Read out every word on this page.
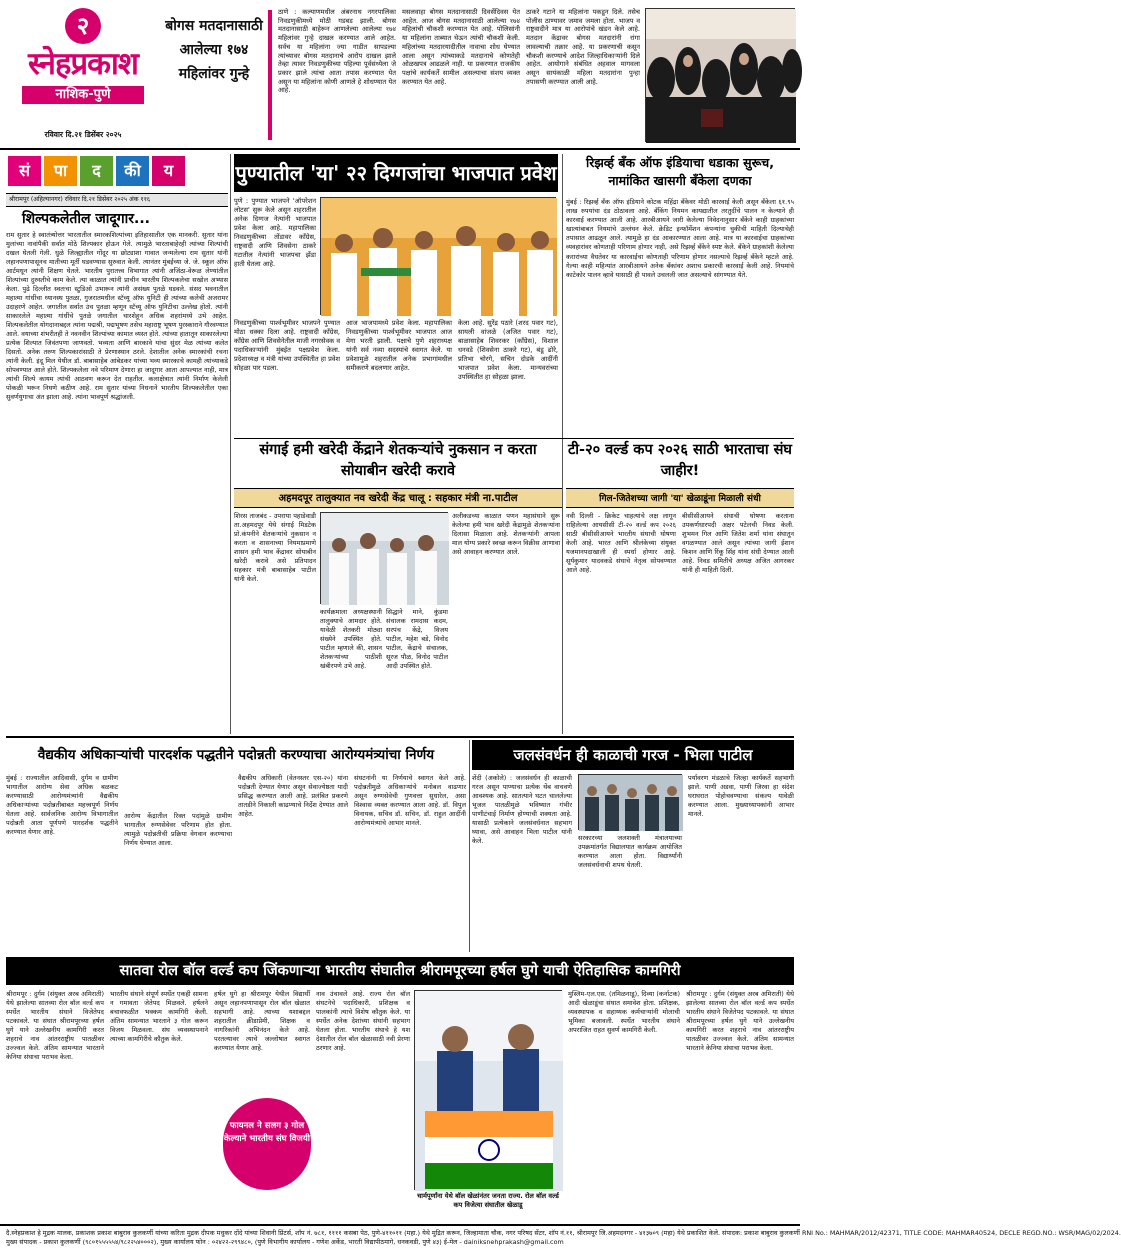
२
स्नेहप्रकाश
नाशिक-पुणे
रविवार दि.२१ डिसेंबर २०२५
बोगस मतदानासाठी आलेल्या १७४ महिलांवर गुन्हे
ठाणे : कल्याणमधील अंबरनाथ नगरपालिका निवडणुकीमध्ये मोठी गडबड झाली. बोगस मतदानासाठी बाहेरून आणलेल्या आलेल्या १७४ महिलांवर गुन्हे दाखल करण्यात आले आहेत. सर्वच या महिलांना ज्या गाडीत सापडल्या त्यांच्यावर बोगस मतदानाचे आरोप दाखल झाले तेव्हा त्यावर निवडणुकीच्या पहिल्या पूर्वसंध्येला जे प्रकार झाले त्यांचा आता तपास करण्यात येत असून या महिलांना कोणी आणले हे शोधण्यात येत आहे.
मसलवाहा बोगस मतदानासाठी दिवसेंदिवस येत आहेत. आज बोगस मतदानासाठी आलेल्या १७४ महिलांची चौकशी करण्यात येत आहे. पोलिसांनी या महिलांना ताब्यात घेऊन त्यांची चौकशी केली. महिलांच्या मतदारयादीतील नावाचा शोध घेण्यात आला असून त्यांच्याकडे मतदानाचे कोणतेही ओळखपत्र आढळले नाही. या प्रकरणात राजकीय पक्षांचे कार्यकर्ते सामील असल्याचा संशय व्यक्त करण्यात येत आहे.
ठाकरे गटाने या महिलांना पकडून दिले. तसेच पोलीस ठाण्यावर जमाव जमला होता. भाजप व राष्ट्रवादीने मात्र या आरोपांचे खंडन केले आहे. मतदान केंद्रावर बोगस मतदारांनी रांगा लावल्याची तक्रार आहे. या प्रकरणाची कसून चौकशी करण्याचे आदेश जिल्हाधिकाऱ्यांनी दिले आहेत. आयोगाने संबंधित अहवाल मागवला असून सायंकाळी महिला मतदारांना पुन्हा तपासणी करण्यात आली आहे.
सं	पा	द	की	य
श्रीरामपूर (अहिल्यानगर) रविवार दि.२१ डिसेंबर २०२५ अंक ११६
शिल्पकलेतील जादूगार...
राम सुतार हे स्वातंत्र्योत्तर भारतातील स्मारकशिल्पांच्या इतिहासातील एक मानकरी. सुतार यांना मुलांच्या नावांपैकी सर्वात मोठे शिल्पकार होऊन गेले. त्यामुळे भारताबाहेरही त्यांच्या शिल्पांची दखल घेतली गेली. धुळे जिल्ह्यातील गोंदूर या छोट्याशा गावात जन्मलेल्या राम सुतार यांनी लहानपणापासूनच मातीच्या मूर्ती घडवण्यास सुरुवात केली. त्यानंतर मुंबईच्या जे. जे. स्कूल ऑफ आर्टमधून त्यांनी शिक्षण घेतले. भारतीय पुरातत्त्व विभागात त्यांनी अजिंठा-वेरूळ लेण्यांतील शिल्पांच्या दुरुस्तीचे काम केले. त्या काळात त्यांनी प्राचीन भारतीय शिल्पकलेचा सखोल अभ्यास केला. पुढे दिल्लीत स्वतःचा स्टुडिओ उभारून त्यांनी असंख्य पुतळे घडवले. संसद भवनातील महात्मा गांधींचा ध्यानस्थ पुतळा, गुजरातमधील स्टॅच्यू ऑफ युनिटी ही त्यांच्या कलेची अजरामर उदाहरणे आहेत. जगातील सर्वात उंच पुतळा म्हणून स्टॅच्यू ऑफ युनिटीचा उल्लेख होतो. त्यांनी साकारलेले महात्मा गांधींचे पुतळे जगातील चारशेहून अधिक शहरांमध्ये उभे आहेत. शिल्पकलेतील योगदानाबद्दल त्यांना पद्मश्री, पद्मभूषण तसेच महाराष्ट्र भूषण पुरस्काराने गौरवण्यात आले. वयाच्या शंभरीतही ते नवनवीन शिल्पांच्या कामात व्यस्त होते. त्यांच्या हातातून साकारलेल्या प्रत्येक शिल्पात जिवंतपणा जाणवतो. भव्यता आणि बारकावे यांचा सुंदर मेळ त्यांच्या कलेत दिसतो. अनेक तरुण शिल्पकारांसाठी ते प्रेरणास्थान ठरले. देशातील अनेक स्मारकांची रचना त्यांनी केली. इंदू मिल येथील डॉ. बाबासाहेब आंबेडकर यांच्या भव्य स्मारकाचे कामही त्यांच्याकडे सोपवण्यात आले होते. शिल्पकलेला नवे परिमाण देणारा हा जादूगार आता आपल्यात नाही, मात्र त्यांची शिल्पे कायम त्यांची आठवण करून देत राहतील. कलाक्षेत्रात त्यांनी निर्माण केलेली पोकळी भरून निघणे कठीण आहे. राम सुतार यांच्या निधनाने भारतीय शिल्पकलेतील एका सुवर्णयुगाचा अंत झाला आहे. त्यांना भावपूर्ण श्रद्धांजली.
पुण्यातील 'या' २२ दिग्गजांचा भाजपात प्रवेश
पुणे : पुण्यात भाजपने 'ऑपरेशन लोटस' सुरू केले असून शहरातील अनेक दिग्गज नेत्यांनी भाजपात प्रवेश केला आहे. महापालिका निवडणुकीच्या तोंडावर काँग्रेस, राष्ट्रवादी आणि शिवसेना ठाकरे गटातील नेत्यांनी भाजपचा झेंडा हाती घेतला आहे.
निवडणुकीच्या पार्श्वभूमीवर भाजपने पुण्यात मोठा धक्का दिला आहे. राष्ट्रवादी काँग्रेस, काँग्रेस आणि शिवसेनेतील माजी नगरसेवक व पदाधिकाऱ्यांनी मुंबईत पक्षप्रवेश केला. प्रदेशाध्यक्ष व मंत्री यांच्या उपस्थितीत हा प्रवेश सोहळा पार पडला.
आज भाजपामध्ये प्रवेश केला. महापालिका निवडणुकीच्या पार्श्वभूमीवर भाजपात आज मेगा भरती झाली. पक्षाचे पुणे शहराध्यक्ष यांनी सर्व नव्या सदस्यांचे स्वागत केले. या प्रवेशामुळे शहरातील अनेक प्रभागांमधील समीकरणे बदलणार आहेत.
केला आहे. सुरेंद्र पठारे (शरद पवार गट), सायली वांजळे (अजित पवार गट), बाळासाहेब शिवरकर (काँग्रेस), विशाल धनवडे (शिवसेना ठाकरे गट), बंडू ढोरे, प्रतिभा चोरगे, सचिन दोडके आदींनी भाजपात प्रवेश केला. मान्यवरांच्या उपस्थितीत हा सोहळा झाला.
रिझर्व्ह बँक ऑफ इंडियाचा धडाका सुरूच, नामांकित खासगी बँकेला दणका
मुंबई : रिझर्व्ह बँक ऑफ इंडियाने कोटक महिंद्रा बँकेवर मोठी कारवाई केली असून बँकेला ६१.९५ लाख रुपयांचा दंड ठोठावला आहे. बँकिंग नियमन कायद्यातील तरतुदींचे पालन न केल्याने ही कारवाई करण्यात आली आहे. आरबीआयने जारी केलेल्या निवेदनानुसार बँकेने काही ग्राहकांच्या खात्यांबाबत नियमांचे उल्लंघन केले. क्रेडिट इन्फॉर्मेशन कंपन्यांना चुकीची माहिती दिल्याचेही तपासात आढळून आले. त्यामुळे हा दंड आकारण्यात आला आहे. मात्र या कारवाईचा ग्राहकांच्या व्यवहारांवर कोणताही परिणाम होणार नाही, असे रिझर्व्ह बँकेने स्पष्ट केले. बँकेने ग्राहकांशी केलेल्या करारांच्या वैधतेवर या कारवाईचा कोणताही परिणाम होणार नसल्याचे रिझर्व्ह बँकेने म्हटले आहे. गेल्या काही महिन्यांत आरबीआयने अनेक बँकांवर अशाच प्रकारची कारवाई केली आहे. नियमांचे काटेकोर पालन व्हावे यासाठी ही पावले उचलली जात असल्याचे सांगण्यात येते.
संगाई हमी खरेदी केंद्राने शेतकऱ्यांचे नुकसान न करता सोयाबीन खरेदी करावे
अहमदपूर तालुक्यात नव खरेदी केंद्र चालू : सहकार मंत्री ना.पाटील
शिरस ताजबंद - उपराया पहाडेवाडी ता.अहमदपूर येथे संगाई मिडटेक प्रो.कंपनीने शेतकऱ्यांचे नुकसान न करता व शासनाच्या नियमाप्रमाणे शासन हमी भाव केंद्रावर सोयाबीन खरेदी करावे असे प्रतिपादन सहकार मंत्री बाबासाहेब पाटील यांनी केले.
कार्यक्रमाला अध्यक्षस्थानी तालुक्याचे आमदार होते. यावेळी शेतकरी मोठ्या संख्येने उपस्थित होते. पाटील म्हणाले की, शासन शेतकऱ्यांच्या पाठीशी खंबीरपणे उभे आहे.
सिद्धाने माने, कुंडमा संचालक रामदास कदम, सरपंच केंद्रे, विजय पाटील, महेश बडे, विनोद पाटील, केंद्राचे संचालक, सूरज पौळ, विनोद पाटील आदी उपस्थित होते.
अलीकडच्या काळात पणन महासंघाने सुरू केलेल्या हमी भाव खरेदी केंद्रामुळे शेतकऱ्यांना दिलासा मिळाला आहे. शेतकऱ्यांनी आपला माल योग्य प्रकारे स्वच्छ करून विक्रीस आणावा असे आवाहन करण्यात आले.
टी-२० वर्ल्ड कप २०२६ साठी भारताचा संघ जाहीर!
गिल-जितेशच्या जागी 'या' खेळाडूंना मिळाली संधी
नवी दिल्ली - क्रिकेट चाहत्यांचे लक्ष लागून राहिलेल्या आयसीसी टी-२० वर्ल्ड कप २०२६ साठी बीसीसीआयने भारतीय संघाची घोषणा केली आहे. भारत आणि श्रीलंकेच्या संयुक्त यजमानपदाखाली ही स्पर्धा होणार आहे. सूर्यकुमार यादवकडे संघाचे नेतृत्व सोपवण्यात आले आहे.
बीसीसीआयने संघाची घोषणा करताना उपकर्णधारपदी अक्षर पटेलची निवड केली. शुभमन गिल आणि जितेश शर्मा यांना संघातून वगळण्यात आले असून त्यांच्या जागी ईशान किशन आणि रिंकू सिंह यांना संधी देण्यात आली आहे. निवड समितीचे अध्यक्ष अजित आगरकर यांनी ही माहिती दिली.
वैद्यकीय अधिकाऱ्यांची पारदर्शक पद्धतीने पदोन्नती करण्याचा आरोग्यमंत्र्यांचा निर्णय
मुंबई : राज्यातील आदिवासी, दुर्गम व ग्रामीण भागातील आरोग्य सेवा अधिक बळकट करण्यासाठी आरोग्यमंत्र्यांनी वैद्यकीय अधिकाऱ्यांच्या पदोन्नतीबाबत महत्त्वपूर्ण निर्णय घेतला आहे. सार्वजनिक आरोग्य विभागातील पदोन्नती आता पूर्णपणे पारदर्शक पद्धतीने करण्यात येणार आहे.
आरोग्य केंद्रातील रिक्त पदांमुळे ग्रामीण भागातील रुग्णसेवेवर परिणाम होत होता. त्यामुळे पदोन्नतीची प्रक्रिया वेगवान करण्याचा निर्णय घेण्यात आला.
वैद्यकीय अधिकारी (वेतनस्तर एस-२०) यांना पदोन्नती देण्यात येणार असून सेवाज्येष्ठता यादी प्रसिद्ध करण्यात आली आहे. प्रलंबित प्रकरणे तातडीने निकाली काढण्याचे निर्देश देण्यात आले आहेत.
संघटनांनी या निर्णयाचे स्वागत केले आहे. पदोन्नतीमुळे अधिकाऱ्यांचे मनोबल वाढणार असून रुग्णसेवेची गुणवत्ता सुधारेल, असा विश्वास व्यक्त करण्यात आला आहे. डॉ. विपुल विनायक, सचिव डॉ. सचिन, डॉ. राहुल आदींनी आरोग्यमंत्र्यांचे आभार मानले.
जलसंवर्धन ही काळाची गरज - भिला पाटील
शेंदी (अकोले) : जलसंवर्धन ही काळाची गरज असून पाण्याचा प्रत्येक थेंब वाचवणे आवश्यक आहे. सातत्याने घटत चाललेल्या भूजल पातळीमुळे भविष्यात गंभीर पाणीटंचाई निर्माण होण्याची शक्यता आहे. यासाठी प्रत्येकाने जलसंवर्धनात सहभाग घ्यावा, असे आवाहन भिला पाटील यांनी केले.	सरकारच्या जलशक्ती मंत्रालयाच्या उपक्रमांतर्गत विद्यालयात कार्यक्रम आयोजित करण्यात आला होता. विद्यार्थ्यांनी जलसंवर्धनाची शपथ घेतली.
पर्यावरण मंडळाचे जिल्हा कार्यकर्ते सहभागी झाले. पाणी अडवा, पाणी जिरवा हा संदेश घराघरात पोहोचवण्याचा संकल्प यावेळी करण्यात आला. मुख्याध्यापकांनी आभार मानले.
सातवा रोल बॉल वर्ल्ड कप जिंकणाऱ्या भारतीय संघातील श्रीरामपूरच्या हर्षल घुगे याची ऐतिहासिक कामगिरी
श्रीरामपूर : दुर्गम (संयुक्त अरब अमिराती) येथे झालेल्या सातव्या रोल बॉल वर्ल्ड कप स्पर्धेत भारतीय संघाने विजेतेपद पटकावले. या संघात श्रीरामपूरच्या हर्षल घुगे याने उल्लेखनीय कामगिरी करत शहराचे नाव आंतरराष्ट्रीय पातळीवर उज्ज्वल केले. अंतिम सामन्यात भारताने केनिया संघाचा पराभव केला.
भारतीय संघाने संपूर्ण स्पर्धेत एकही सामना न गमावता जेतेपद मिळवले. हर्षलने बचावफळीत भक्कम कामगिरी केली. अंतिम सामन्यात भारताने ३ गोल करून विजय मिळवला. संघ व्यवस्थापनाने त्याच्या कामगिरीचे कौतुक केले.
हर्षल घुगे हा श्रीरामपूर येथील विद्यार्थी असून लहानपणापासून रोल बॉल खेळात सहभागी आहे. त्याच्या यशाबद्दल शहरातील क्रीडाप्रेमी, शिक्षक व नागरिकांनी अभिनंदन केले आहे. परतल्यावर त्याचे जल्लोषात स्वागत करण्यात येणार आहे.
फायनल ने सलग ३ गोल केल्याने भारतीय संघ विजयी
नाव उंचावले आहे. राज्य रोल बॉल संघटनेचे पदाधिकारी, प्रशिक्षक व पालकांनी त्याचे विशेष कौतुक केले. या स्पर्धेत अनेक देशांच्या संघांनी सहभाग घेतला होता. भारतीय संघाचे हे यश देशातील रोल बॉल खेळासाठी नवी प्रेरणा ठरणार आहे.
चार्मपूर्णांना येथे बॉल खेळांनंतर जनता राज्य. रोल बॉल वर्ल्ड कप विजेत्या संघातील खेळाडू
मुस्लिम-एल.एस. (तमिळनाडू), दिव्या (कर्नाटक) आदी खेळाडूंचा संघात समावेश होता. प्रशिक्षक, व्यवस्थापक व सहाय्यक कर्मचाऱ्यांनी मोलाची भूमिका बजावली. स्पर्धेत भारतीय संघाने अपराजित राहत सुवर्ण कामगिरी केली.
श्रीरामपूर : दुर्गम (संयुक्त अरब अमिराती) येथे झालेल्या सातव्या रोल बॉल वर्ल्ड कप स्पर्धेत भारतीय संघाने विजेतेपद पटकावले. या संघात श्रीरामपूरच्या हर्षल घुगे याने उल्लेखनीय कामगिरी करत शहराचे नाव आंतरराष्ट्रीय पातळीवर उज्ज्वल केले. अंतिम सामन्यात भारताने केनिया संघाचा पराभव केला.
दै.स्नेहप्रकाश हे मुद्रक मालक, प्रकाशक प्रकाश बाबुराव कुलकर्णी यांच्या करिता मुद्रक दीपक मधुकर दोंदे यांच्या शिवानी प्रिंटर्स, शॉप नं. ७८१, ११११ कसबा पेठ, पुणे-४११०११ (महा.) येथे मुद्रित करून, जिल्हामाता चौक, नगर परिषद सेंटर, शॉप नं.११, श्रीरामपूर जि.अहमदनगर - ४१३७०९ (महा) येथे प्रकाशित केले. संपादक: प्रकाश बाबुराव कुलकर्णी RNI No.: MAHMAR/2012/42371, TITLE CODE: MAHMAR40524, DECLE REGD.NO.: WSR/MAG/02/2024.
मुख्य संपादक - प्रकाश कुलकर्णी (९८०१५५५५५४/९८२२५४०००२), मुख्य कार्यालय फोन : ०२४२२-२९९४८०, (पुणे विभागीय कार्यालय - गणेश अर्केड, भारती विद्यापीठमागे, धनकवडी, पुणे ४३) ई-मेल - dainiksnehprakash@gmail.com
